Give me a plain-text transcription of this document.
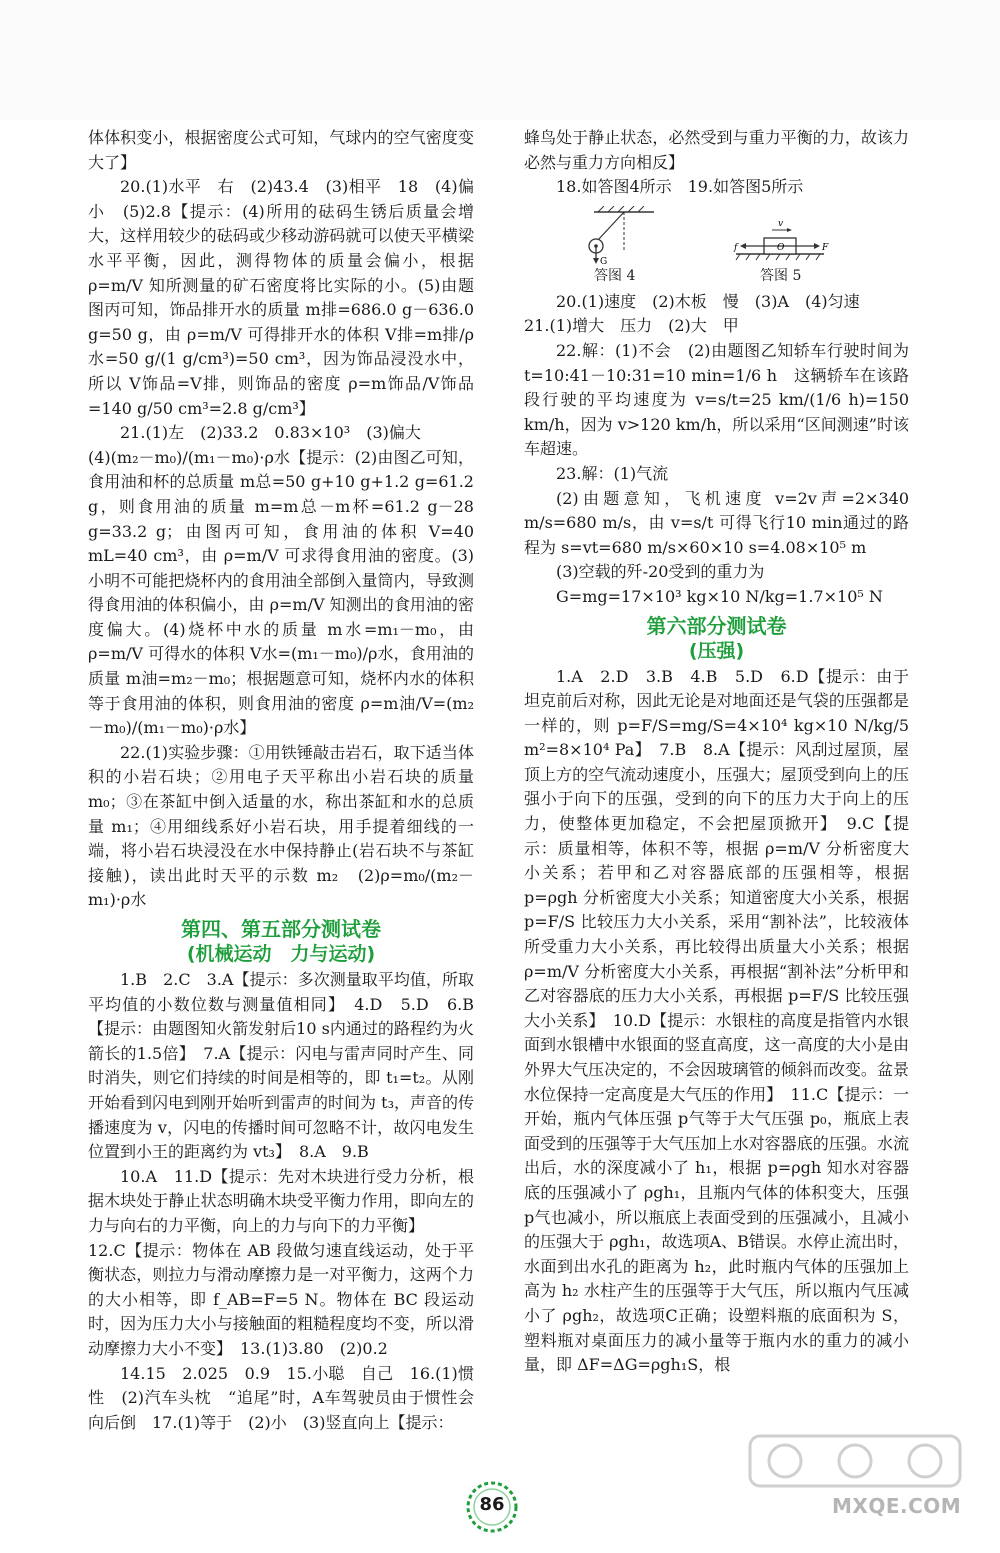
体体积变小，根据密度公式可知，气球内的空气密度变大了】

20.(1)水平　右　(2)43.4　(3)相平　18　(4)偏小　(5)2.8【提示：(4)所用的砝码生锈后质量会增大，这样用较少的砝码或少移动游码就可以使天平横梁水平平衡，因此，测得物体的质量会偏小，根据 ρ=m/V 知所测量的矿石密度将比实际的小。(5)由题图丙可知，饰品排开水的质量 m排=686.0 g－636.0 g=50 g，由 ρ=m/V 可得排开水的体积 V排=m排/ρ水=50 g/(1 g/cm³)=50 cm³，因为饰品浸没水中，所以 V饰品=V排，则饰品的密度 ρ=m饰品/V饰品=140 g/50 cm³=2.8 g/cm³】

21.(1)左　(2)33.2　0.83×10³　(3)偏大

(4)(m₂－m₀)/(m₁－m₀)·ρ水【提示：(2)由图乙可知，食用油和杯的总质量 m总=50 g+10 g+1.2 g=61.2 g，则食用油的质量 m=m总－m杯=61.2 g－28 g=33.2 g；由图丙可知，食用油的体积 V=40 mL=40 cm³，由 ρ=m/V 可求得食用油的密度。(3)小明不可能把烧杯内的食用油全部倒入量筒内，导致测得食用油的体积偏小，由 ρ=m/V 知测出的食用油的密度偏大。(4)烧杯中水的质量 m水=m₁－m₀，由 ρ=m/V 可得水的体积 V水=(m₁－m₀)/ρ水，食用油的质量 m油=m₂－m₀；根据题意可知，烧杯内水的体积等于食用油的体积，则食用油的密度 ρ=m油/V=(m₂－m₀)/(m₁－m₀)·ρ水】

22.(1)实验步骤：①用铁锤敲击岩石，取下适当体积的小岩石块；②用电子天平称出小岩石块的质量 m₀；③在茶缸中倒入适量的水，称出茶缸和水的总质量 m₁；④用细线系好小岩石块，用手提着细线的一端，将小岩石块浸没在水中保持静止(岩石块不与茶缸接触)，读出此时天平的示数 m₂　(2)ρ=m₀/(m₂－m₁)·ρ水

第四、第五部分测试卷
(机械运动　力与运动)

1.B　2.C　3.A【提示：多次测量取平均值，所取平均值的小数位数与测量值相同】　4.D　5.D　6.B【提示：由题图知火箭发射后10 s内通过的路程约为火箭长的1.5倍】　7.A【提示：闪电与雷声同时产生、同时消失，则它们持续的时间是相等的，即 t₁=t₂。从刚开始看到闪电到刚开始听到雷声的时间为 t₃，声音的传播速度为 v，闪电的传播时间可忽略不计，故闪电发生位置到小王的距离约为 vt₃】　8.A　9.B

10.A　11.D【提示：先对木块进行受力分析，根据木块处于静止状态明确木块受平衡力作用，即向左的力与向右的力平衡，向上的力与向下的力平衡】

12.C【提示：物体在 AB 段做匀速直线运动，处于平衡状态，则拉力与滑动摩擦力是一对平衡力，这两个力的大小相等，即 f_AB=F=5 N。物体在 BC 段运动时，因为压力大小与接触面的粗糙程度均不变，所以滑动摩擦力大小不变】　13.(1)3.80　(2)0.2

14.15　2.025　0.9　15.小聪　自己　16.(1)惯性　(2)汽车头枕　“追尾”时，A车驾驶员由于惯性会向后倒　17.(1)等于　(2)小　(3)竖直向上【提示：

蜂鸟处于静止状态，必然受到与重力平衡的力，故该力必然与重力方向相反】

18.如答图4所示　19.如答图5所示

G
v
O
f	F
答图 4	答图 5

20.(1)速度　(2)木板　慢　(3)A　(4)匀速

21.(1)增大　压力　(2)大　甲

22.解：(1)不会　(2)由题图乙知轿车行驶时间为 t=10:41－10:31=10 min=1/6 h　这辆轿车在该路段行驶的平均速度为 v=s/t=25 km/(1/6 h)=150 km/h，因为 v>120 km/h，所以采用“区间测速”时该车超速。

23.解：(1)气流

(2)由题意知，飞机速度 v=2v声=2×340 m/s=680 m/s，由 v=s/t 可得飞行10 min通过的路程为 s=vt=680 m/s×60×10 s=4.08×10⁵ m

(3)空载的歼-20受到的重力为

G=mg=17×10³ kg×10 N/kg=1.7×10⁵ N

第六部分测试卷
(压强)

1.A　2.D　3.B　4.B　5.D　6.D【提示：由于坦克前后对称，因此无论是对地面还是气袋的压强都是一样的，则 p=F/S=mg/S=4×10⁴ kg×10 N/kg/5 m²=8×10⁴ Pa】　7.B　8.A【提示：风刮过屋顶，屋顶上方的空气流动速度小，压强大；屋顶受到向上的压强小于向下的压强，受到的向下的压力大于向上的压力，使整体更加稳定，不会把屋顶掀开】　9.C【提示：质量相等，体积不等，根据 ρ=m/V 分析密度大小关系；若甲和乙对容器底部的压强相等，根据 p=ρgh 分析密度大小关系；知道密度大小关系，根据 p=F/S 比较压力大小关系，采用“割补法”，比较液体所受重力大小关系，再比较得出质量大小关系；根据 ρ=m/V 分析密度大小关系，再根据“割补法”分析甲和乙对容器底的压力大小关系，再根据 p=F/S 比较压强大小关系】　10.D【提示：水银柱的高度是指管内水银面到水银槽中水银面的竖直高度，这一高度的大小是由外界大气压决定的，不会因玻璃管的倾斜而改变。盆景水位保持一定高度是大气压的作用】　11.C【提示：一开始，瓶内气体压强 p气等于大气压强 p₀，瓶底上表面受到的压强等于大气压加上水对容器底的压强。水流出后，水的深度减小了 h₁，根据 p=ρgh 知水对容器底的压强减小了 ρgh₁，且瓶内气体的体积变大，压强 p气也减小，所以瓶底上表面受到的压强减小，且减小的压强大于 ρgh₁，故选项A、B错误。水停止流出时，水面到出水孔的距离为 h₂，此时瓶内气体的压强加上高为 h₂ 水柱产生的压强等于大气压，所以瓶内气压减小了 ρgh₂，故选项C正确；设塑料瓶的底面积为 S，塑料瓶对桌面压力的减小量等于瓶内水的重力的减小量，即 ΔF=ΔG=ρgh₁S，根

86	MXQE.COM
